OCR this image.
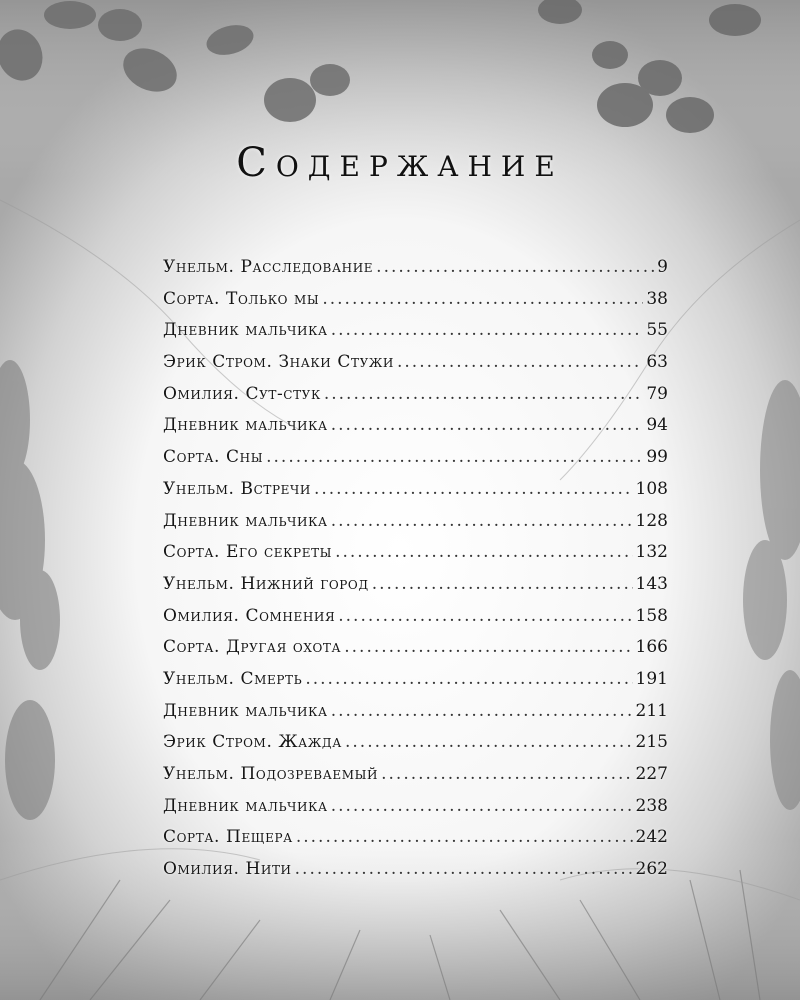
Содержание
Унельм. Расследование .....	9
Сорта. Только мы .....	38
Дневник мальчика .....	55
Эрик Стром. Знаки Стужи .....	63
Омилия. Сут-стук .....	79
Дневник мальчика .....	94
Сорта. Сны .....	99
Унельм. Встречи .....	108
Дневник мальчика .....	128
Сорта. Его секреты .....	132
Унельм. Нижний город .....	143
Омилия. Сомнения .....	158
Сорта. Другая охота .....	166
Унельм. Смерть .....	191
Дневник мальчика .....	211
Эрик Стром. Жажда .....	215
Унельм. Подозреваемый .....	227
Дневник мальчика .....	238
Сорта. Пещера .....	242
Омилия. Нити .....	262
